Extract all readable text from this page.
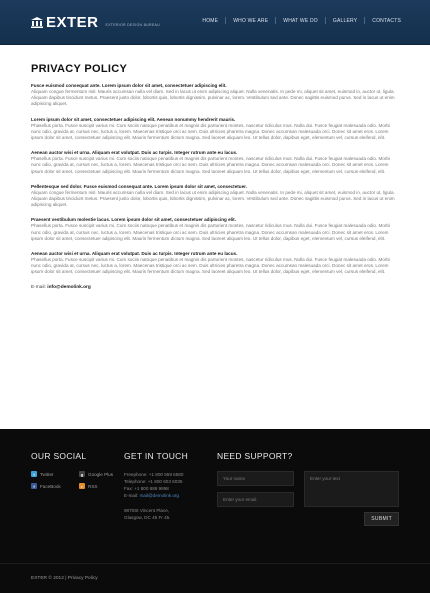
EXTER EXTERIOR DESIGN BUREAU
HOME	WHO WE ARE	WHAT WE DO	GALLERY	CONTACTS
PRIVACY POLICY
Fusce euismod consequat ante. Lorem ipsum dolor sit amet, consectetuer adipiscing elit.
Aliquam congue fermentum nisl. Mauris accumsan nulla vel diam. Sed in lacus ut enim adipiscing aliquet. Nulla venenatis. In pede mi, aliquet sit amet, euismod in, auctor ut, ligula. Aliquam dapibus tincidunt metus. Praesent justo dolor, lobortis quis, lobortis dignissim, pulvinar ac, lorem. Vestibulum sed ante. Donec sagittis euismod purus. Sed in lacus ut enim adipiscing aliquet.
Lorem ipsum dolor sit amet, consectetuer adipiscing elit. Aenean nonummy hendrerit mauris.
Phasellus porta. Fusce suscipit varius mi. Cum sociis natoque penatibus et magnis dis parturient montes, nascetur ridiculus mus. Nulla dui. Fusce feugiat malesuada odio. Morbi nunc odio, gravida at, cursus nec, luctus a, lorem. Maecenas tristique orci ac sem. Duis ultricies pharetra magna. Donec accumsan malesuada orci. Donec sit amet eros. Lorem ipsum dolor sit amet, consectetuer adipiscing elit. Mauris fermentum dictum magna. Sed laoreet aliquam leo. Ut tellus dolor, dapibus eget, elementum vel, cursus eleifend, elit.
Aenean auctor wisi et urna. Aliquam erat volutpat. Duis ac turpis. Integer rutrum ante eu lacus.
Phasellus porta. Fusce suscipit varius mi. Cum sociis natoque penatibus et magnis dis parturient montes, nascetur ridiculus mus. Nulla dui. Fusce feugiat malesuada odio. Morbi nunc odio, gravida at, cursus nec, luctus a, lorem. Maecenas tristique orci ac sem. Duis ultricies pharetra magna. Donec accumsan malesuada orci. Donec sit amet eros. Lorem ipsum dolor sit amet, consectetuer adipiscing elit. Mauris fermentum dictum magna. Sed laoreet aliquam leo. Ut tellus dolor, dapibus eget, elementum vel, cursus eleifend, elit.
Pellentesque sed dolor. Fusce euismod consequat ante. Lorem ipsum dolor sit amet, consectetuer.
Aliquam congue fermentum nisl. Mauris accumsan nulla vel diam. Sed in lacus ut enim adipiscing aliquet. Nulla venenatis. In pede mi, aliquet sit amet, euismod in, auctor ut, ligula. Aliquam dapibus tincidunt metus. Praesent justo dolor, lobortis quis, lobortis dignissim, pulvinar ac, lorem. Vestibulum sed ante. Donec sagittis euismod purus. Sed in lacus ut enim adipiscing aliquet.
Praesent vestibulum molestie lacus. Lorem ipsum dolor sit amet, consectetuer adipiscing elit.
Phasellus porta. Fusce suscipit varius mi. Cum sociis natoque penatibus et magnis dis parturient montes, nascetur ridiculus mus. Nulla dui. Fusce feugiat malesuada odio. Morbi nunc odio, gravida at, cursus nec, luctus a, lorem. Maecenas tristique orci ac sem. Duis ultricies pharetra magna. Donec accumsan malesuada orci. Donec sit amet eros. Lorem ipsum dolor sit amet, consectetuer adipiscing elit. Mauris fermentum dictum magna. Sed laoreet aliquam leo. Ut tellus dolor, dapibus eget, elementum vel, cursus eleifend, elit.
Aenean auctor wisi et urna. Aliquam erat volutpat. Duis ac turpis. Integer rutrum ante eu lacus.
Phasellus porta. Fusce suscipit varius mi. Cum sociis natoque penatibus et magnis dis parturient montes, nascetur ridiculus mus. Nulla dui. Fusce feugiat malesuada odio. Morbi nunc odio, gravida at, cursus nec, luctus a, lorem. Maecenas tristique orci ac sem. Duis ultricies pharetra magna. Donec accumsan malesuada orci. Donec sit amet eros. Lorem ipsum dolor sit amet, consectetuer adipiscing elit. Mauris fermentum dictum magna. Sed laoreet aliquam leo. Ut tellus dolor, dapibus eget, elementum vel, cursus eleifend, elit.
E-mail: info@demolink.org
OUR SOCIAL
t	Twitter	g	Google Plus
f	FaceBook	r	RSS
GET IN TOUCH
Freephone: +1 800 559 6580
Telephone: +1 800 603 6035
Fax: +1 800 889 9898
E-mail: mail@demolink.org
9870St Vincent Place,
Glasgow, DC 45 Fr 45.
NEED SUPPORT?
Your name
Enter your email
Enter your text
SUBMIT
EXTER © 2012 | Privacy Policy
